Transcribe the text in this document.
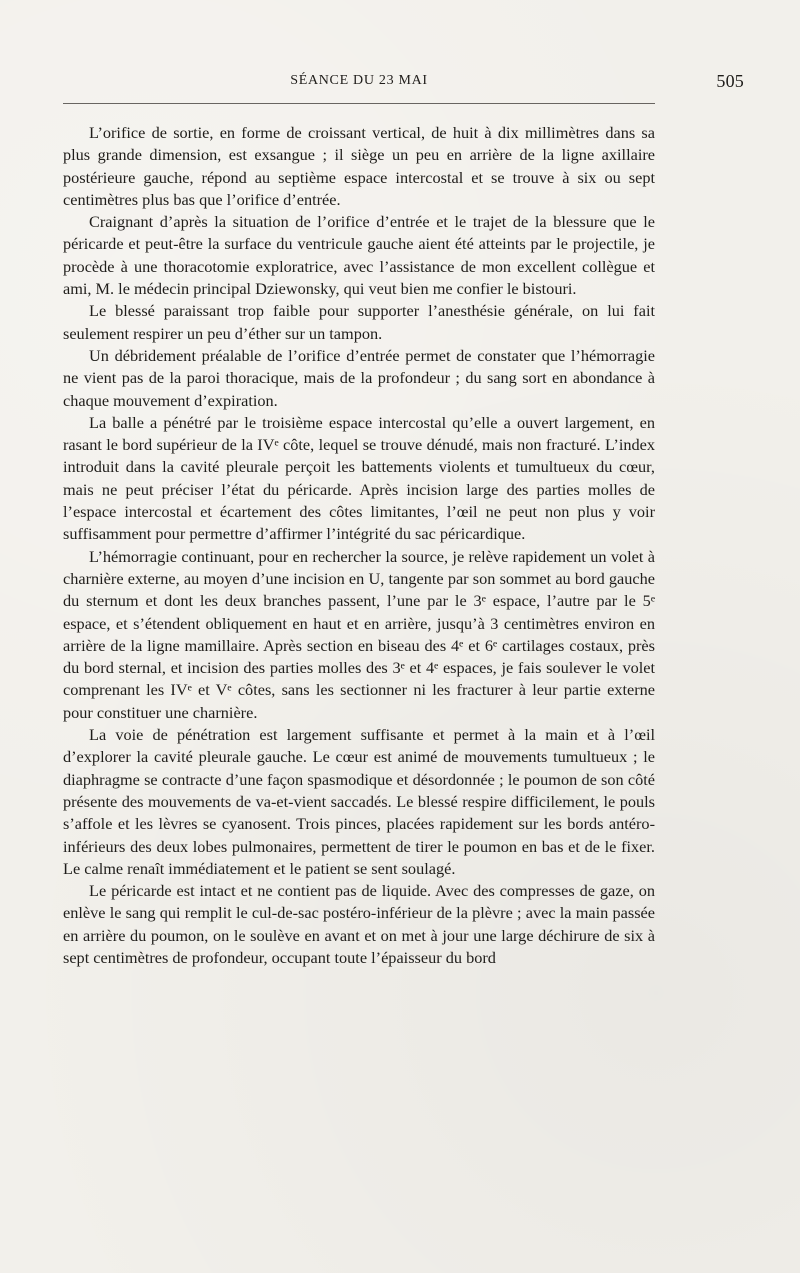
SÉANCE DU 23 MAI	505

L’orifice de sortie, en forme de croissant vertical, de huit à dix millimètres dans sa plus grande dimension, est exsangue ; il siège un peu en arrière de la ligne axillaire postérieure gauche, répond au septième espace intercostal et se trouve à six ou sept centimètres plus bas que l’orifice d’entrée.

Craignant d’après la situation de l’orifice d’entrée et le trajet de la blessure que le péricarde et peut-être la surface du ventricule gauche aient été atteints par le projectile, je procède à une thoracotomie exploratrice, avec l’assistance de mon excellent collègue et ami, M. le médecin principal Dziewonsky, qui veut bien me confier le bistouri.

Le blessé paraissant trop faible pour supporter l’anesthésie générale, on lui fait seulement respirer un peu d’éther sur un tampon.

Un débridement préalable de l’orifice d’entrée permet de constater que l’hémorragie ne vient pas de la paroi thoracique, mais de la profondeur ; du sang sort en abondance à chaque mouvement d’expiration.

La balle a pénétré par le troisième espace intercostal qu’elle a ouvert largement, en rasant le bord supérieur de la IVᵉ côte, lequel se trouve dénudé, mais non fracturé. L’index introduit dans la cavité pleurale perçoit les battements violents et tumultueux du cœur, mais ne peut préciser l’état du péricarde. Après incision large des parties molles de l’espace intercostal et écartement des côtes limitantes, l’œil ne peut non plus y voir suffisamment pour permettre d’affirmer l’intégrité du sac péricardique.

L’hémorragie continuant, pour en rechercher la source, je relève rapidement un volet à charnière externe, au moyen d’une incision en U, tangente par son sommet au bord gauche du sternum et dont les deux branches passent, l’une par le 3ᵉ espace, l’autre par le 5ᵉ espace, et s’étendent obliquement en haut et en arrière, jusqu’à 3 centimètres environ en arrière de la ligne mamillaire. Après section en biseau des 4ᵉ et 6ᵉ cartilages costaux, près du bord sternal, et incision des parties molles des 3ᵉ et 4ᵉ espaces, je fais soulever le volet comprenant les IVᵉ et Vᵉ côtes, sans les sectionner ni les fracturer à leur partie externe pour constituer une charnière.

La voie de pénétration est largement suffisante et permet à la main et à l’œil d’explorer la cavité pleurale gauche. Le cœur est animé de mouvements tumultueux ; le diaphragme se contracte d’une façon spasmodique et désordonnée ; le poumon de son côté présente des mouvements de va-et-vient saccadés. Le blessé respire difficilement, le pouls s’affole et les lèvres se cyanosent. Trois pinces, placées rapidement sur les bords antéro-inférieurs des deux lobes pulmonaires, permettent de tirer le poumon en bas et de le fixer. Le calme renaît immédiatement et le patient se sent soulagé.

Le péricarde est intact et ne contient pas de liquide. Avec des compresses de gaze, on enlève le sang qui remplit le cul-de-sac postéro-inférieur de la plèvre ; avec la main passée en arrière du poumon, on le soulève en avant et on met à jour une large déchirure de six à sept centimètres de profondeur, occupant toute l’épaisseur du bord
